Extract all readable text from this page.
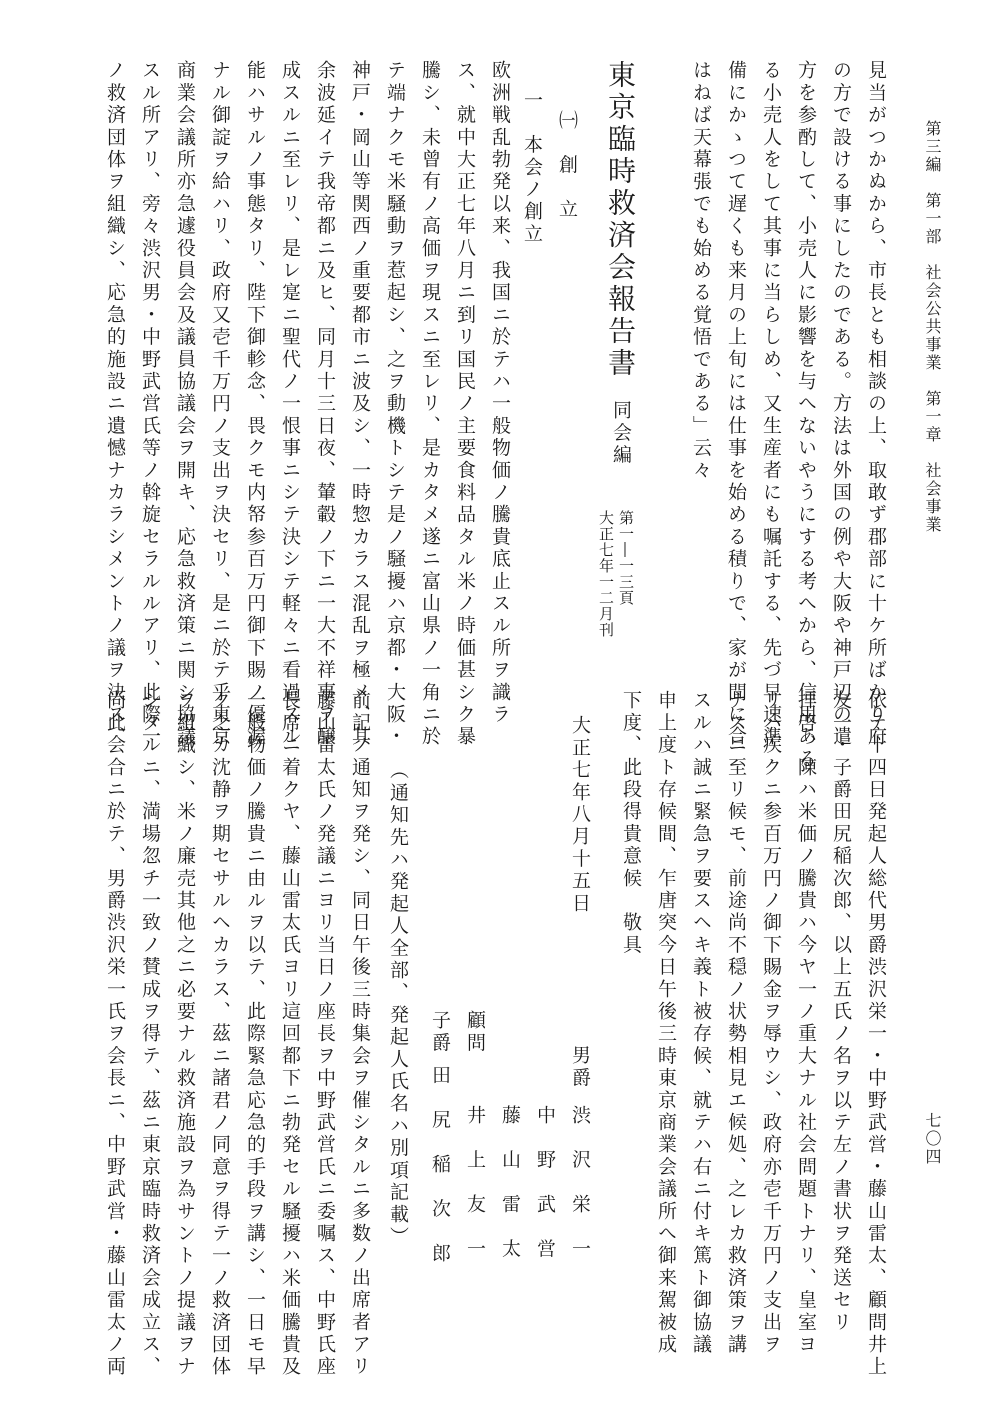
第三編　第一部　社会公共事業　第一章　社会事業
七〇四
見当がつかぬから、市長とも相談の上、取敢ず郡部に十ケ所ばかり府
の方で設ける事にしたのである。方法は外国の例や大阪や神戸辺の遣
方を参酌して、小売人に影響を与へないやうにする考へから、信用ある
る小売人をして其事に当らしめ、又生産者にも嘱託する、先づ早速準
備にかゝつて遅くも来月の上旬には仕事を始める積りで、家が間に合
はねば天幕張でも始める覚悟である」云々
東京臨時救済会報告書
同会編
第一―一三頁
大正七年一二月刊
㈠　創　立
一　本会ノ創立
欧洲戦乱勃発以来、我国ニ於テハ一般物価ノ騰貴底止スル所ヲ識ラ
ス、就中大正七年八月ニ到リ国民ノ主要食料品タル米ノ時価甚シク暴
騰シ、未曾有ノ高価ヲ現スニ至レリ、是カタメ遂ニ富山県ノ一角ニ於
テ端ナクモ米騒動ヲ惹起シ、之ヲ動機トシテ是ノ騒擾ハ京都・大阪・
神戸・岡山等関西ノ重要都市ニ波及シ、一時惣カラス混乱ヲ極メ、其
余波延イテ我帝都ニ及ヒ、同月十三日夜、輦轂ノ下ニ一大不祥事ヲ醸
成スルニ至レリ、是レ寔ニ聖代ノ一恨事ニシテ決シテ軽々ニ看過スル
能ハサルノ事態タリ、陛下御軫念、畏クモ内帑参百万円御下賜ノ優渥
ナル御諚ヲ給ハリ、政府又壱千万円ノ支出ヲ決セリ、是ニ於テ乎東京
商業会議所亦急遽役員会及議員協議会ヲ開キ、応急救済策ニ関シ協議
スル所アリ、旁々渋沢男・中野武営氏等ノ斡旋セラルルアリ、此際一
ノ救済団体ヲ組織シ、応急的施設ニ遺憾ナカラシメントノ議ヲ決ス、
依テ十四日発起人総代男爵渋沢栄一・中野武営・藤山雷太、顧問井上
友一・子爵田尻稲次郎、以上五氏ノ名ヲ以テ左ノ書状ヲ発送セリ
拝啓、陳ハ米価ノ騰貴ハ今ヤ一ノ重大ナル社会問題トナリ、皇室ヨ
リハ疾クニ参百万円ノ御下賜金ヲ辱ウシ、政府亦壱千万円ノ支出ヲ
ナスニ至リ候モ、前途尚不穏ノ状勢相見エ候処、之レカ救済策ヲ講
スルハ誠ニ緊急ヲ要スヘキ義ト被存候、就テハ右ニ付キ篤ト御協議
申上度ト存候間、乍唐突今日午後三時東京商業会議所へ御来駕被成
下度、此段得貴意候　敬具
大正七年八月十五日
男爵
渋　沢　栄　一
中　野　武　営
藤　山　雷　太
顧問
井　上　友　一
子爵
田　尻　稲　次　郎
（通知先ハ発起人全部、発起人氏名ハ別項記載）
前記ノ通知ヲ発シ、同日午後三時集会ヲ催シタルニ多数ノ出席者アリ
藤山雷太氏ノ発議ニヨリ当日ノ座長ヲ中野武営氏ニ委嘱ス、中野氏座
長席ニ着クヤ、藤山雷太氏ヨリ這回都下ニ勃発セル騒擾ハ米価騰貴及
一般物価ノ騰貴ニ由ルヲ以テ、此際緊急応急的手段ヲ講シ、一日モ早
ク之カ沈静ヲ期セサルヘカラス、茲ニ諸君ノ同意ヲ得テ一ノ救済団体
ヲ組織シ、米ノ廉売其他之ニ必要ナル救済施設ヲ為サントノ提議ヲナ
シタルニ、満場忽チ一致ノ賛成ヲ得テ、茲ニ東京臨時救済会成立ス、
尚此会合ニ於テ、男爵渋沢栄一氏ヲ会長ニ、中野武営・藤山雷太ノ両
